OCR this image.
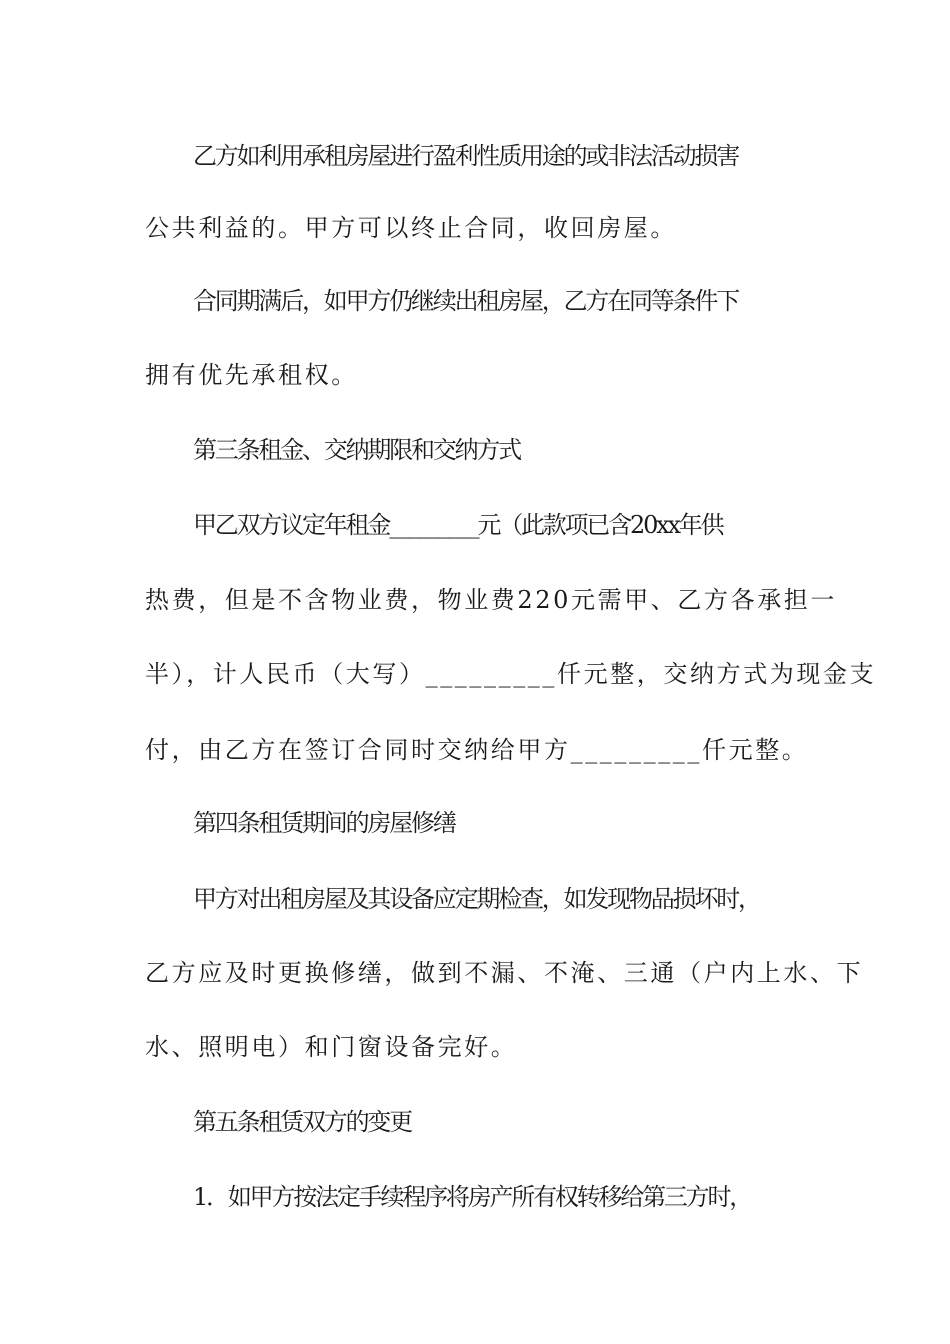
乙方如利用承租房屋进行盈利性质用途的或非法活动损害
公共利益的。甲方可以终止合同，收回房屋。
合同期满后，如甲方仍继续出租房屋，乙方在同等条件下
拥有优先承租权。
第三条租金、交纳期限和交纳方式
甲乙双方议定年租金_________元（此款项已含20xx年供
热费，但是不含物业费，物业费220元需甲、乙方各承担一
半），计人民币（大写）_________仟元整，交纳方式为现金支
付，由乙方在签订合同时交纳给甲方_________仟元整。
第四条租赁期间的房屋修缮
甲方对出租房屋及其设备应定期检查，如发现物品损坏时，
乙方应及时更换修缮，做到不漏、不淹、三通（户内上水、下
水、照明电）和门窗设备完好。
第五条租赁双方的变更
1．如甲方按法定手续程序将房产所有权转移给第三方时，
